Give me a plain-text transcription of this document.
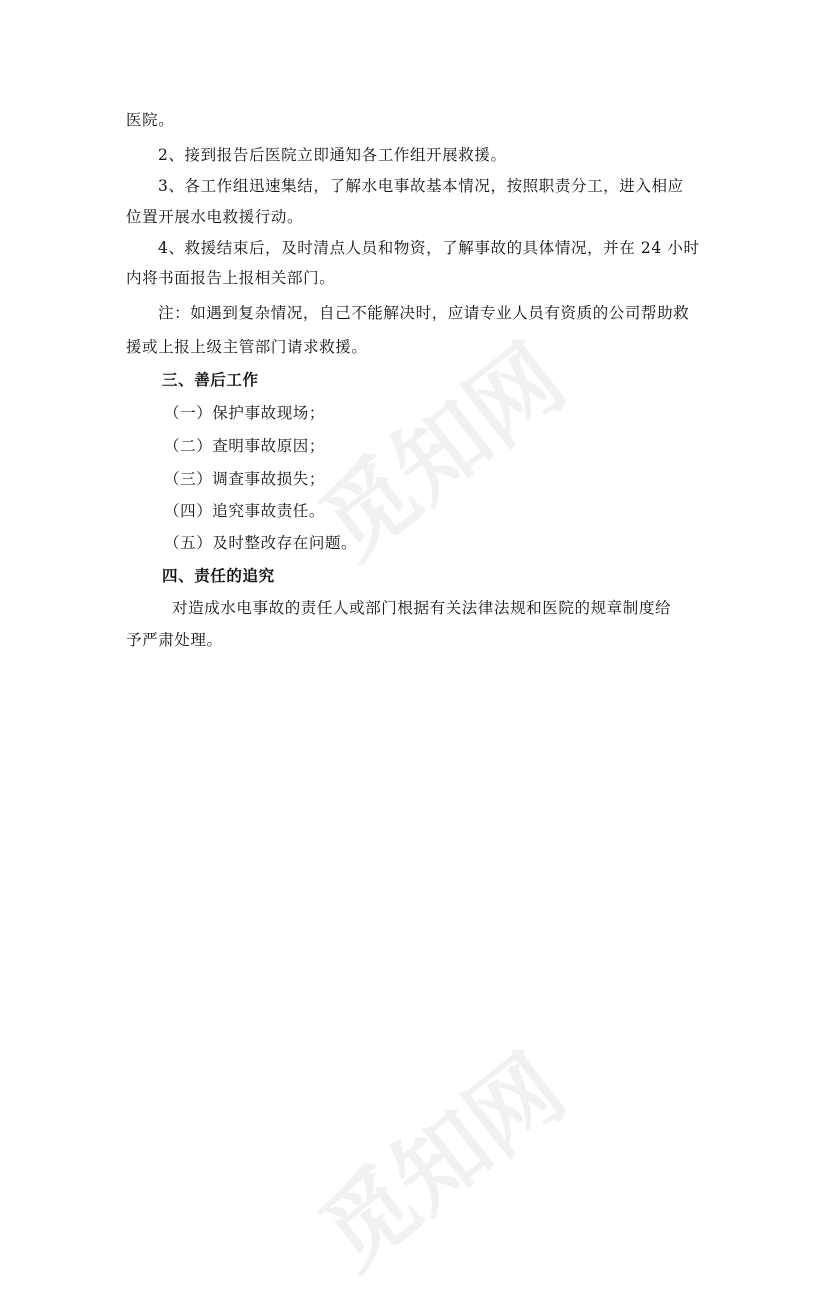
觅知网
觅知网
医院。
2、接到报告后医院立即通知各工作组开展救援。
3、各工作组迅速集结，了解水电事故基本情况，按照职责分工，进入相应
位置开展水电救援行动。
4、救援结束后，及时清点人员和物资，了解事故的具体情况，并在 24 小时
内将书面报告上报相关部门。
注：如遇到复杂情况，自己不能解决时，应请专业人员有资质的公司帮助救
援或上报上级主管部门请求救援。
三、善后工作
（一）保护事故现场；
（二）查明事故原因；
（三）调查事故损失；
（四）追究事故责任。
（五）及时整改存在问题。
四、责任的追究
对造成水电事故的责任人或部门根据有关法律法规和医院的规章制度给
予严肃处理。
